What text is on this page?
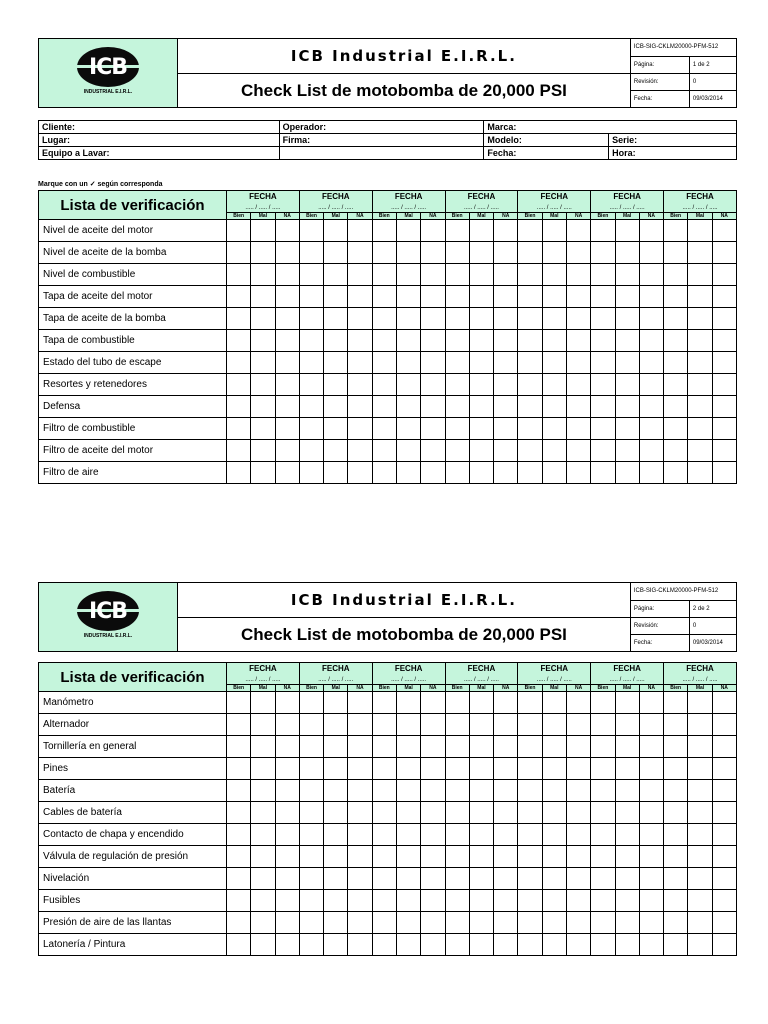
ICB
INDUSTRIAL E.I.R.L.	ICB Industrial E.I.R.L.	ICB-SIG-CKLM20000-PFM-512	
		Página:	1 de 2
	Check List de motobomba de 20,000 PSI	Revisión:	0
		Fecha:	09/03/2014
Cliente:	Operador:	Marca:	
Lugar:	Firma:	Modelo:	Serie:
Equipo a Lavar:		Fecha:	Hora:
Marque con un ✓ según corresponda
Lista de verificación	FECHA			FECHA			FECHA			FECHA			FECHA			FECHA			FECHA		
	..... / ..... / .....			..... / ..... / .....			..... / ..... / .....			..... / ..... / .....			..... / ..... / .....			..... / ..... / .....			..... / ..... / .....		
	Bien	Mal	NA	Bien	Mal	NA	Bien	Mal	NA	Bien	Mal	NA	Bien	Mal	NA	Bien	Mal	NA	Bien	Mal	NA
Nivel de aceite del motor																					
Nivel de aceite de la bomba																					
Nivel de combustible																					
Tapa de aceite del motor																					
Tapa de aceite de la bomba																					
Tapa de combustible																					
Estado del tubo de escape																					
Resortes y retenedores																					
Defensa																					
Filtro de combustible																					
Filtro de aceite del motor																					
Filtro de aire																					
ICB
INDUSTRIAL E.I.R.L.	ICB Industrial E.I.R.L.	ICB-SIG-CKLM20000-PFM-512	
		Página:	2 de 2
	Check List de motobomba de 20,000 PSI	Revisión:	0
		Fecha:	09/03/2014
Lista de verificación	FECHA			FECHA			FECHA			FECHA			FECHA			FECHA			FECHA		
	..... / ..... / .....			..... / ..... / .....			..... / ..... / .....			..... / ..... / .....			..... / ..... / .....			..... / ..... / .....			..... / ..... / .....		
	Bien	Mal	NA	Bien	Mal	NA	Bien	Mal	NA	Bien	Mal	NA	Bien	Mal	NA	Bien	Mal	NA	Bien	Mal	NA
Manómetro																					
Alternador																					
Tornillería en general																					
Pines																					
Batería																					
Cables de batería																					
Contacto de chapa y encendido																					
Válvula de regulación de presión																					
Nivelación																					
Fusibles																					
Presión de aire de las llantas																					
Latonería / Pintura																					
